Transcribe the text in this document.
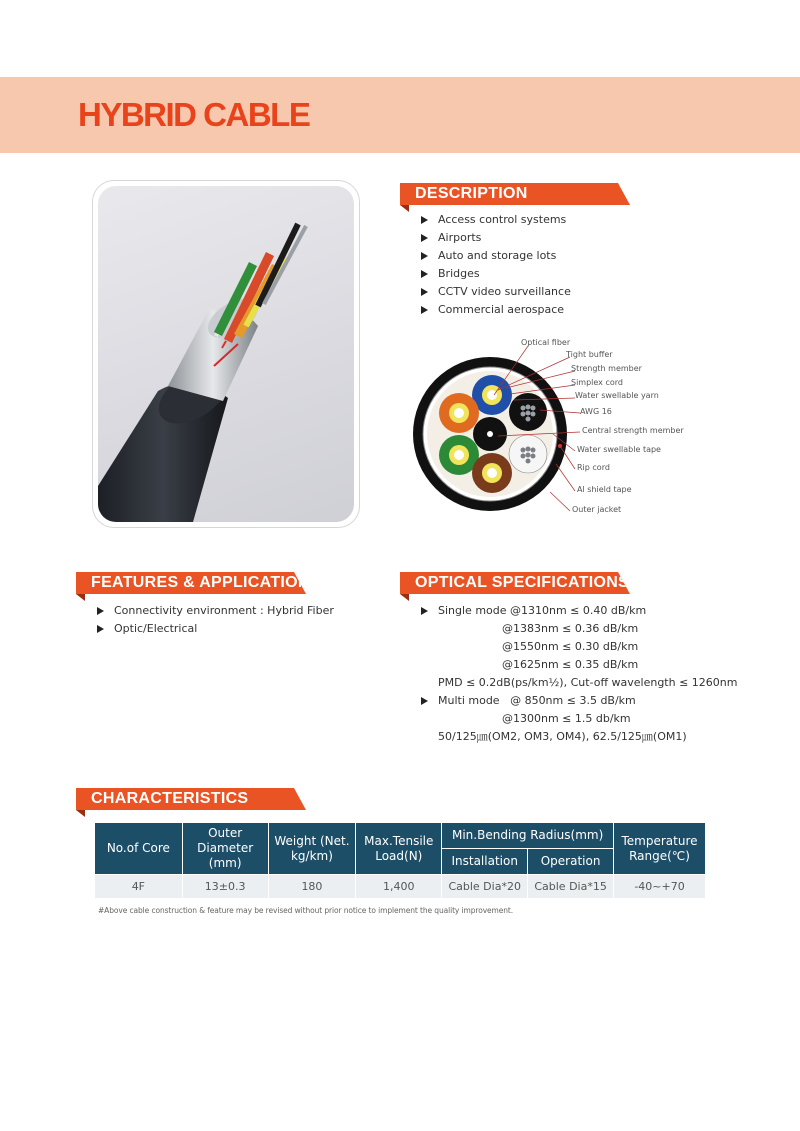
HYBRID CABLE
DESCRIPTION
Access control systems
Airports
Auto and storage lots
Bridges
CCTV video surveillance
Commercial aerospace
Optical fiber
Tight buffer
Strength member
Simplex cord
Water swellable yarn
AWG 16
Central strength member
Water swellable tape
Rip cord
Al shield tape
Outer jacket
FEATURES & APPLICATIONS
Connectivity environment : Hybrid Fiber
Optic/Electrical
OPTICAL SPECIFICATIONS
Single mode @1310nm ≤ 0.40 dB/km
@1383nm ≤ 0.36 dB/km
@1550nm ≤ 0.30 dB/km
@1625nm ≤ 0.35 dB/km
PMD ≤ 0.2dB(ps/km½), Cut-off wavelength ≤ 1260nm
Multi mode   @ 850nm ≤ 3.5 dB/km
@1300nm ≤ 1.5 db/km
50/125㎛(OM2, OM3, OM4), 62.5/125㎛(OM1)
CHARACTERISTICS
No.of Core	Outer Diameter (mm)	Weight (Net. kg/km)	Max.Tensile Load(N)	Min.Bending Radius(mm)		Temperature Range(℃)
				Installation	Operation	
4F	13±0.3	180	1,400	Cable Dia*20	Cable Dia*15	-40~+70
#Above cable construction & feature may be revised without prior notice to implement the quality improvement.
